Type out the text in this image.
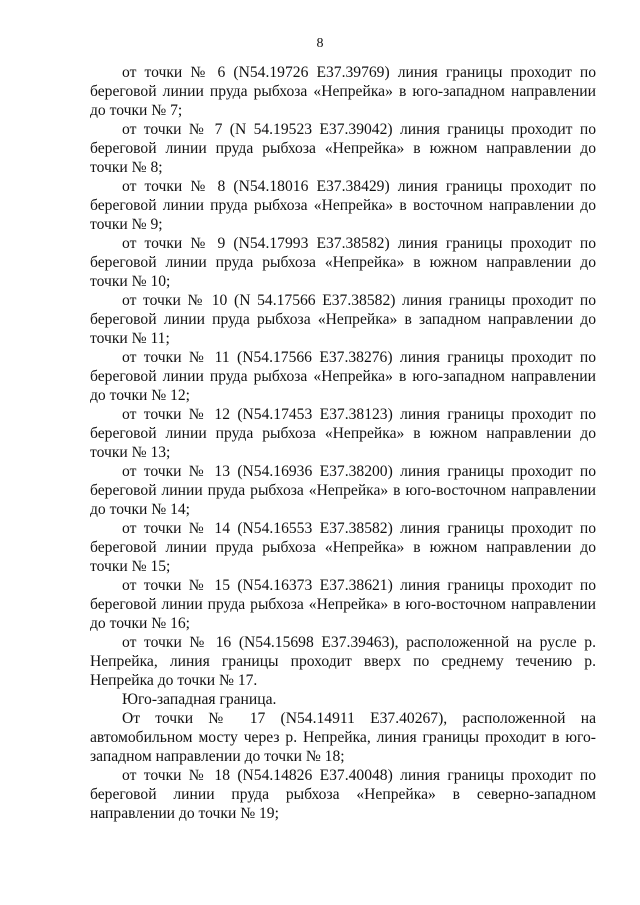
8

от точки № 6 (N54.19726 E37.39769) линия границы проходит по береговой линии пруда рыбхоза «Непрейка» в юго-западном направлении до точки № 7;

от точки № 7 (N 54.19523 E37.39042) линия границы проходит по береговой линии пруда рыбхоза «Непрейка» в южном направлении до точки № 8;

от точки № 8 (N54.18016 E37.38429) линия границы проходит по береговой линии пруда рыбхоза «Непрейка» в восточном направлении до точки № 9;

от точки № 9 (N54.17993 E37.38582) линия границы проходит по береговой линии пруда рыбхоза «Непрейка» в южном направлении до точки № 10;

от точки № 10 (N 54.17566 E37.38582) линия границы проходит по береговой линии пруда рыбхоза «Непрейка» в западном направлении до точки № 11;

от точки № 11 (N54.17566 E37.38276) линия границы проходит по береговой линии пруда рыбхоза «Непрейка» в юго-западном направлении до точки № 12;

от точки № 12 (N54.17453 E37.38123) линия границы проходит по береговой линии пруда рыбхоза «Непрейка» в южном направлении до точки № 13;

от точки № 13 (N54.16936 E37.38200) линия границы проходит по береговой линии пруда рыбхоза «Непрейка» в юго-восточном направлении до точки № 14;

от точки № 14 (N54.16553 E37.38582) линия границы проходит по береговой линии пруда рыбхоза «Непрейка» в южном направлении до точки № 15;

от точки № 15 (N54.16373 E37.38621) линия границы проходит по береговой линии пруда рыбхоза «Непрейка» в юго-восточном направлении до точки № 16;

от точки № 16 (N54.15698 E37.39463), расположенной на русле р. Непрейка, линия границы проходит вверх по среднему течению р. Непрейка до точки № 17.

Юго-западная граница.

От точки № 17 (N54.14911 E37.40267), расположенной на автомобильном мосту через р. Непрейка, линия границы проходит в юго-западном направлении до точки № 18;

от точки № 18 (N54.14826 E37.40048) линия границы проходит по береговой линии пруда рыбхоза «Непрейка» в северно-западном направлении до точки № 19;
